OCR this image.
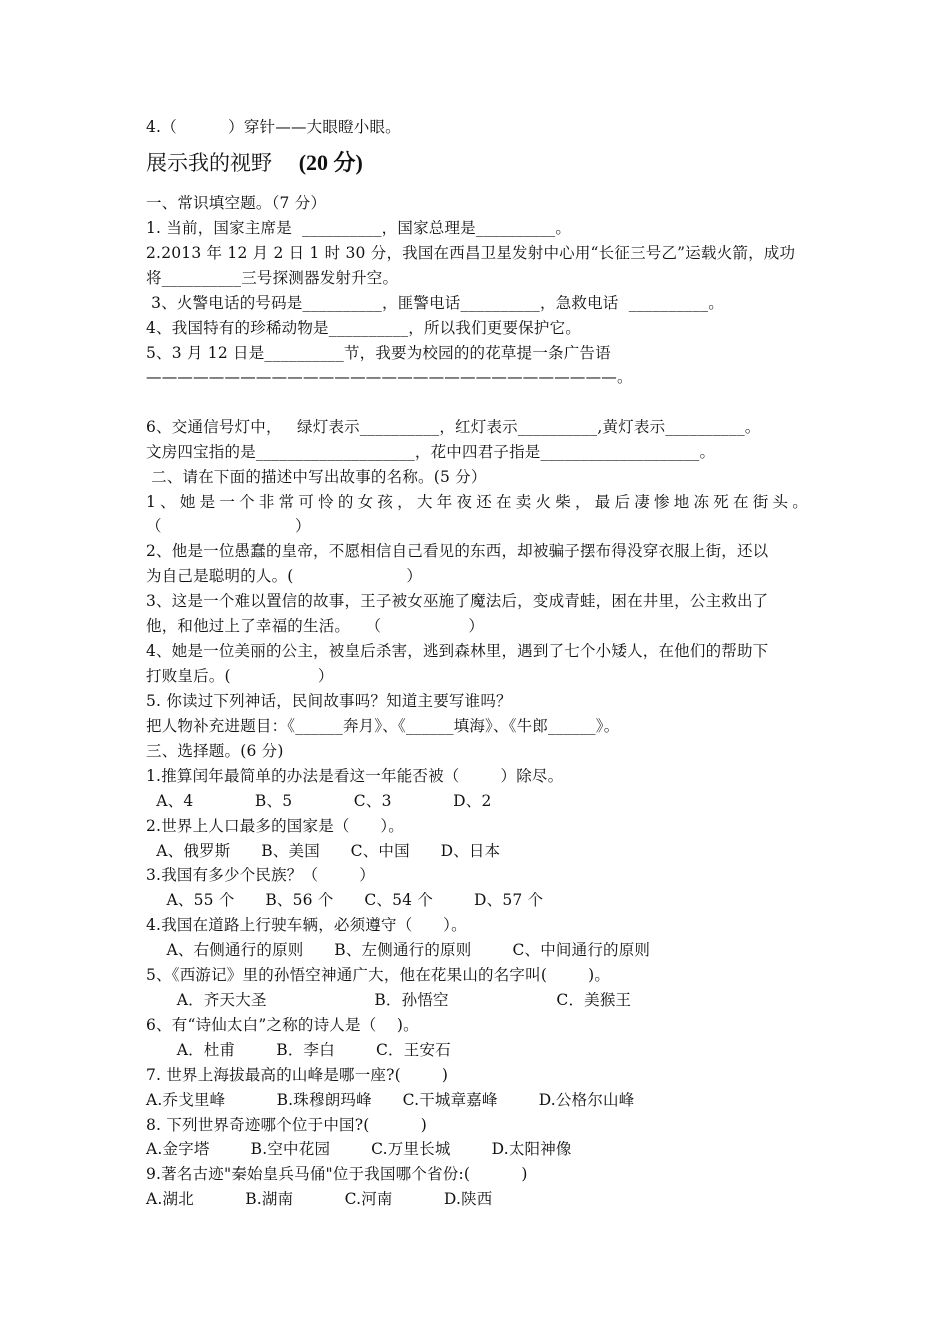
4.（          ）穿针——大眼瞪小眼。
展示我的视野 (20 分)
一、常识填空题。（7 分）
1. 当前，国家主席是  __________，国家总理是__________。
2.2013 年 12 月 2 日 1 时 30 分，我国在西昌卫星发射中心用“长征三号乙”运载火箭，成功
将__________三号探测器发射升空。
3、火警电话的号码是__________，匪警电话__________，急救电话  __________。
4、我国特有的珍稀动物是__________，所以我们更要保护它。
5、3 月 12 日是__________节，我要为校园的的花草提一条广告语
——————————————————————————————。
6、交通信号灯中，   绿灯表示__________，红灯表示__________,黄灯表示__________。
文房四宝指的是____________________，花中四君子指是____________________。
二、请在下面的描述中写出故事的名称。(5 分）
1、她是一个非常可怜的女孩，大年夜还在卖火柴，最后凄惨地冻死在街头。
（                          ）
2、他是一位愚蠢的皇帝，不愿相信自己看见的东西，却被骗子摆布得没穿衣服上街，还以
为自己是聪明的人。(                      ）
3、这是一个难以置信的故事，王子被女巫施了魔法后，变成青蛙，困在井里，公主救出了
他，和他过上了幸福的生活。   （                 ）
4、她是一位美丽的公主，被皇后杀害，逃到森林里，遇到了七个小矮人，在他们的帮助下
打败皇后。(                 ）
5. 你读过下列神话，民间故事吗？知道主要写谁吗？
把人物补充进题目：《______奔月》、《______填海》、《牛郎______》。
三、选择题。(6 分)
1.推算闰年最简单的办法是看这一年能否被（        ）除尽。
A、4            B、5            C、3            D、2
2.世界上人口最多的国家是（      ）。
A、俄罗斯      B、美国      C、中国      D、日本
3.我国有多少个民族？（        ）
A、55 个      B、56 个      C、54 个        D、57 个
4.我国在道路上行驶车辆，必须遵守（      ）。
A、右侧通行的原则      B、左侧通行的原则        C、中间通行的原则
5、《西游记》里的孙悟空神通广大，他在花果山的名字叫(        )。
A．齐天大圣                     B．孙悟空                     C．美猴王
6、有“诗仙太白”之称的诗人是（    )。
A．杜甫        B．李白        C．王安石
7. 世界上海拔最高的山峰是哪一座?(        )
A.乔戈里峰          B.珠穆朗玛峰      C.干城章嘉峰        D.公格尔山峰
8. 下列世界奇迹哪个位于中国?(          )
A.金字塔        B.空中花园        C.万里长城        D.太阳神像
9.著名古迹"秦始皇兵马俑"位于我国哪个省份:(          )
A.湖北          B.湖南          C.河南          D.陕西
